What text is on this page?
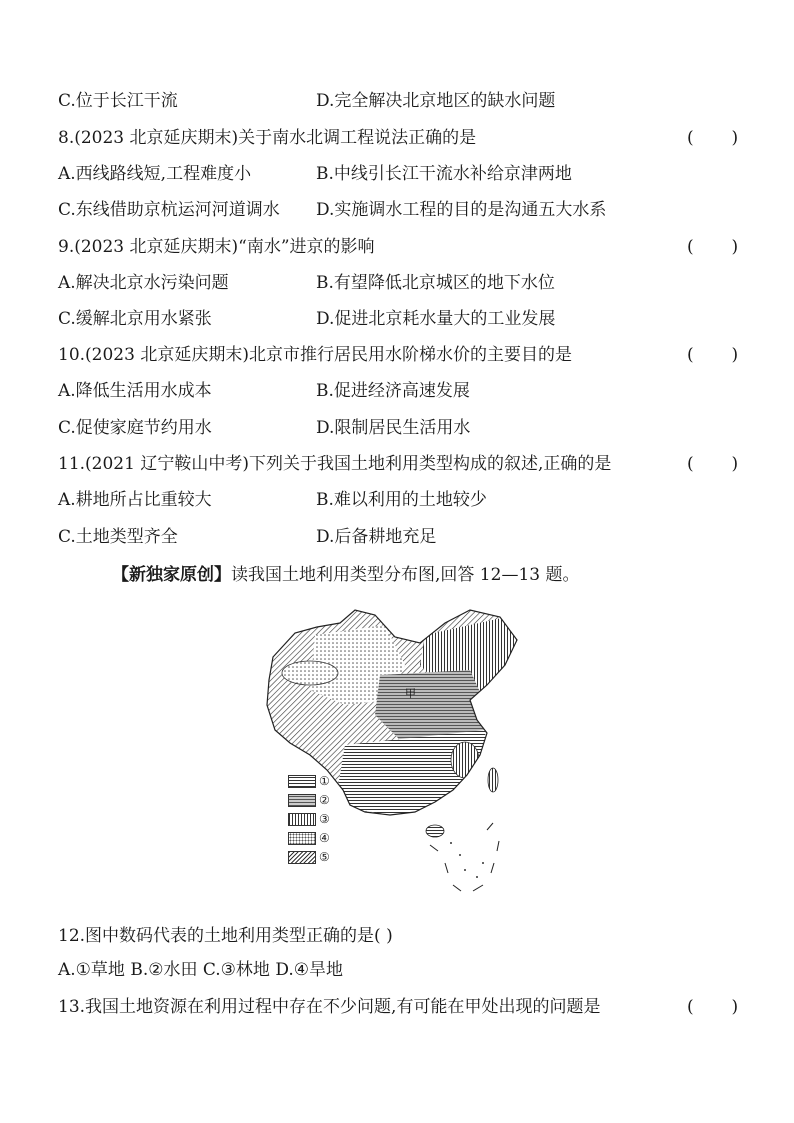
C.位于长江干流	D.完全解决北京地区的缺水问题
8.(2023 北京延庆期末)关于南水北调工程说法正确的是	(       )
A.西线路线短,工程难度小	B.中线引长江干流水补给京津两地
C.东线借助京杭运河河道调水 D.实施调水工程的目的是沟通五大水系
9.(2023 北京延庆期末)“南水”进京的影响	(       )
A.解决北京水污染问题	B.有望降低北京城区的地下水位
C.缓解北京用水紧张	D.促进北京耗水量大的工业发展
10.(2023 北京延庆期末)北京市推行居民用水阶梯水价的主要目的是	(       )
A.降低生活用水成本	B.促进经济高速发展
C.促使家庭节约用水	D.限制居民生活用水
11.(2021 辽宁鞍山中考)下列关于我国土地利用类型构成的叙述,正确的是	(       )
A.耕地所占比重较大	B.难以利用的土地较少
C.土地类型齐全	D.后备耕地充足
【新独家原创】读我国土地利用类型分布图,回答 12—13 题。
甲
①
②
③
④
⑤
12.图中数码代表的土地利用类型正确的是( )
A.①草地 B.②水田 C.③林地 D.④旱地
13.我国土地资源在利用过程中存在不少问题,有可能在甲处出现的问题是	(       )
